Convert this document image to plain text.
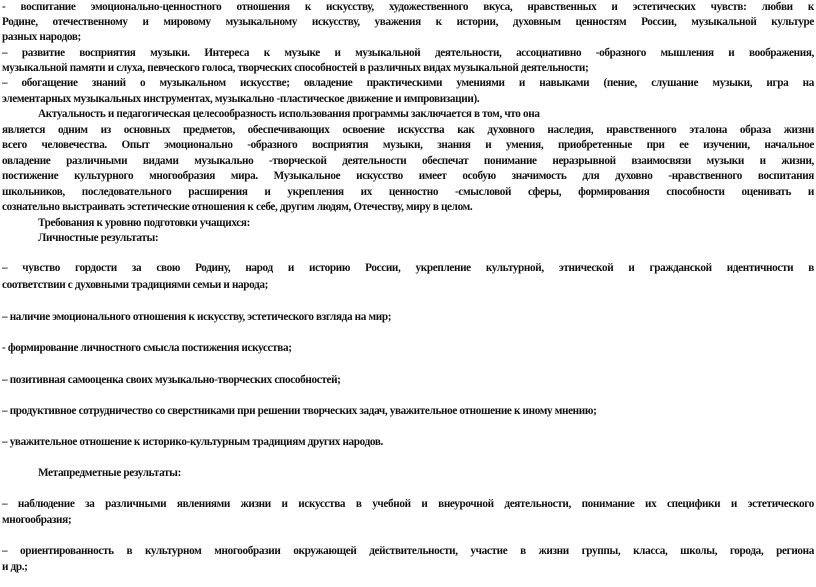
- воспитание эмоционально-ценностного отношения к искусству, художественного вкуса, нравственных и эстетических чувств: любви к
Родине, отечественному и мировому музыкальному искусству, уважения к истории, духовным ценностям России, музыкальной культуре
разных народов;
– развитие восприятия музыки. Интереса к музыке и музыкальной деятельности, ассоциативно -образного мышления и воображения,
музыкальной памяти и слуха, певческого голоса, творческих способностей в различных видах музыкальной деятельности;
– обогащение знаний о музыкальном искусстве; овладение практическими умениями и навыками (пение, слушание музыки, игра на
элементарных музыкальных инструментах, музыкально -пластическое движение и импровизации).
Актуальность и педагогическая целесообразность использования программы заключается в том, что она
является одним из основных предметов, обеспечивающих освоение искусства как духовного наследия, нравственного эталона образа жизни
всего человечества. Опыт эмоционально -образного восприятия музыки, знания и умения, приобретенные при ее изучении, начальное
овладение различными видами музыкально -творческой деятельности обеспечат понимание неразрывной взаимосвязи музыки и жизни,
постижение культурного многообразия мира. Музыкальное искусство имеет особую значимость для духовно -нравственного воспитания
школьников, последовательного расширения и укрепления их ценностно -смысловой сферы, формирования способности оценивать и
сознательно выстраивать эстетические отношения к себе, другим людям, Отечеству, миру в целом.
Требования к уровню подготовки учащихся:
Личностные результаты:
– чувство гордости за свою Родину, народ и историю России, укрепление культурной, этнической и гражданской идентичности в
соответствии с духовными традициями семьи и народа;
– наличие эмоционального отношения к искусству, эстетического взгляда на мир;
- формирование личностного смысла постижения искусства;
– позитивная самооценка своих музыкально-творческих способностей;
– продуктивное сотрудничество со сверстниками при решении творческих задач, уважительное отношение к иному мнению;
– уважительное отношение к историко-культурным традициям других народов.
Метапредметные результаты:
– наблюдение за различными явлениями жизни и искусства в учебной и внеурочной деятельности, понимание их специфики и эстетического
многообразия;
– ориентированность в культурном многообразии окружающей действительности, участие в жизни группы, класса, школы, города, региона
и др.;
